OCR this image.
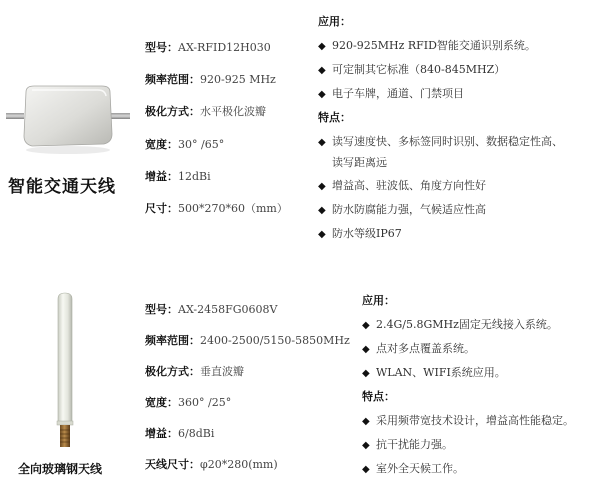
智能交通天线
型号：AX-RFID12H030
频率范围：920-925 MHz
极化方式：水平极化波瓣
宽度：30° /65°
增益：12dBi
尺寸：500*270*60（mm）
应用：
◆ 920-925MHz RFID智能交通识别系统。
◆ 可定制其它标准（840-845MHZ）
◆ 电子车牌，通道、门禁项目
特点：
◆ 读写速度快、多标签同时识别、数据稳定性高、
读写距离远
◆ 增益高、驻波低、角度方向性好
◆ 防水防腐能力强，气候适应性高
◆ 防水等级IP67
全向玻璃钢天线
型号：AX-2458FG0608V
频率范围：2400-2500/5150-5850MHz
极化方式：垂直波瓣
宽度：360° /25°
增益：6/8dBi
天线尺寸：φ20*280(mm)
应用：
◆ 2.4G/5.8GMHz固定无线接入系统。
◆ 点对多点覆盖系统。
◆ WLAN、WIFI系统应用。
特点：
◆ 采用频带宽技术设计，增益高性能稳定。
◆ 抗干扰能力强。
◆ 室外全天候工作。
